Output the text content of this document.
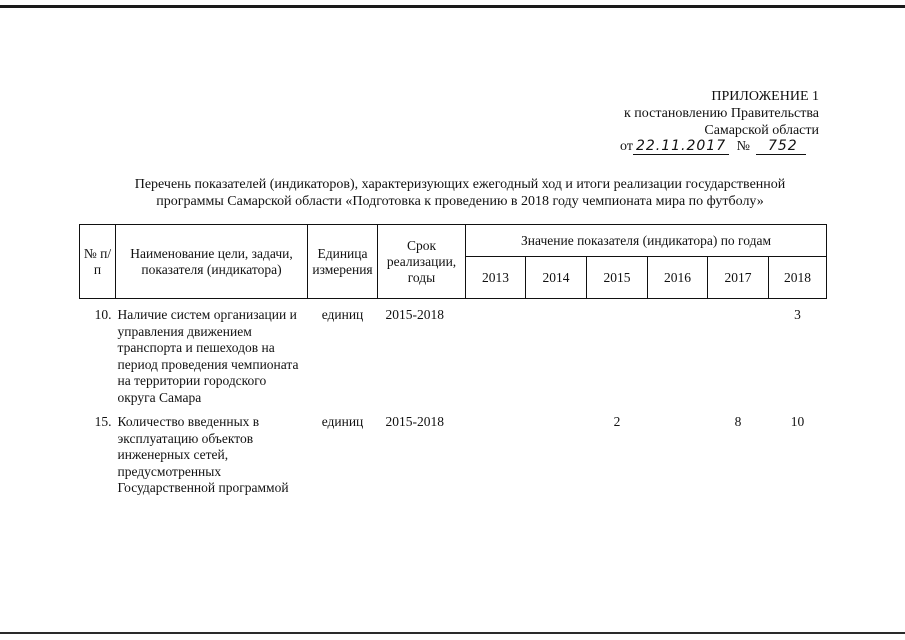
ПРИЛОЖЕНИЕ 1
к постановлению Правительства
Самарской области
от 22.11.2017 № 752
Перечень показателей (индикаторов), характеризующих ежегодный ход и итоги реализации государственной
программы Самарской области «Подготовка к проведению в 2018 году чемпионата мира по футболу»
№ п/п	Наименование цели, задачи, показателя (индикатора)	Единица измерения	Срок реализации, годы	Значение показателя (индикатора) по годам					
				2013	2014	2015	2016	2017	2018
10.	Наличие систем организации и управления движением транспорта и пешеходов на период проведения чемпионата на территории городского округа Самара	единиц	2015-2018						3
15.	Количество введенных в эксплуатацию объектов инженерных сетей, предусмотренных Государственной программой	единиц	2015-2018			2		8	10
